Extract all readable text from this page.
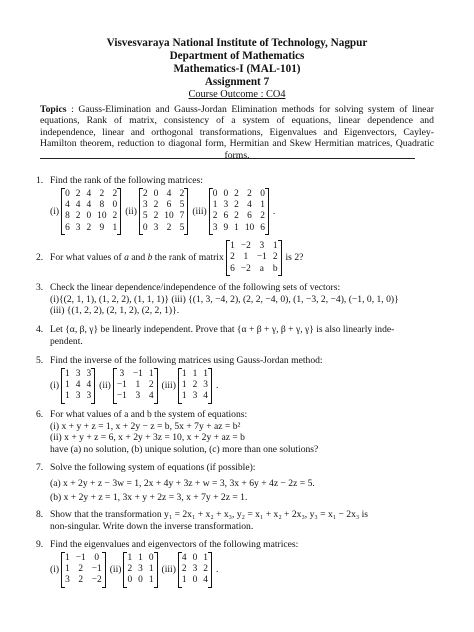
Visvesvaraya National Institute of Technology, Nagpur
Department of Mathematics
Mathematics-I (MAL-101)
Assignment 7
Course Outcome : CO4
Topics : Gauss-Elimination and Gauss-Jordan Elimination methods for solving system of linear equations, Rank of matrix, consistency of a system of equations, linear dependence and independence, linear and orthogonal transformations, Eigenvalues and Eigenvectors, Cayley-Hamilton theorem, reduction to diagonal form, Hermitian and Skew Hermitian matrices, Quadratic forms.
1. Find the rank of the following matrices:
(i)
0 2 4 2 2
4 4 4 8 0
8 2 0 10 2
6 3 2 9 1
(ii)
2 0 4 2
3 2 6 5
5 2 10 7
0 3 2 5
(iii)
0 0 2 2 0
1 3 2 4 1
2 6 2 6 2
3 9 1 10 6
.
2. For what values of
a
and
b
the rank of matrix

1 −2 3 1
2 1 −1 2
6 −2 a b
is 2?
3. Check the linear dependence/independence of the following sets of vectors:
(i){(2, 1, 1), (1, 2, 2), (1, 1, 1)} (iii) {(1, 3, −4, 2), (2, 2, −4, 0), (1, −3, 2, −4), (−1, 0, 1, 0)}
(iii) {(1, 2, 2), (2, 1, 2), (2, 2, 1)}.
4. Let {α, β, γ} be linearly independent. Prove that {α + β + γ, β + γ, γ} is also linearly inde-
pendent.
5. Find the inverse of the following matrices using Gauss-Jordan method:
(i)
1 3 3
1 4 4
1 3 3
(ii)
3 −1 1
−1 1 2
−1 3 4
(iii)
1 1 1
1 2 3
1 3 4
.
6. For what values of a and b the system of equations:
(i) x + y + z = 1, x + 2y − z = b, 5x + 7y + az = b²
(ii) x + y + z = 6, x + 2y + 3z = 10, x + 2y + az = b
have (a) no solution, (b) unique solution, (c) more than one solutions?
7. Solve the following system of equations (if possible):
(a) x + 2y + z − 3w = 1, 2x + 4y + 3z + w = 3, 3x + 6y + 4z − 2z = 5.
(b) x + 2y + z = 1, 3x + y + 2z = 3, x + 7y + 2z = 1.
8. Show that the transformation y₁ = 2x₁ + x₂ + x₃, y₂ = x₁ + x₂ + 2x₃, y₃ = x₁ − 2x₃ is
non-singular. Write down the inverse transformation.
9. Find the eigenvalues and eigenvectors of the following matrices:
(i)
1 −1 0
1 2 −1
3 2 −2
(ii)
1 1 0
2 3 1
0 0 1
(iii)
4 0 1
2 3 2
1 0 4
.
